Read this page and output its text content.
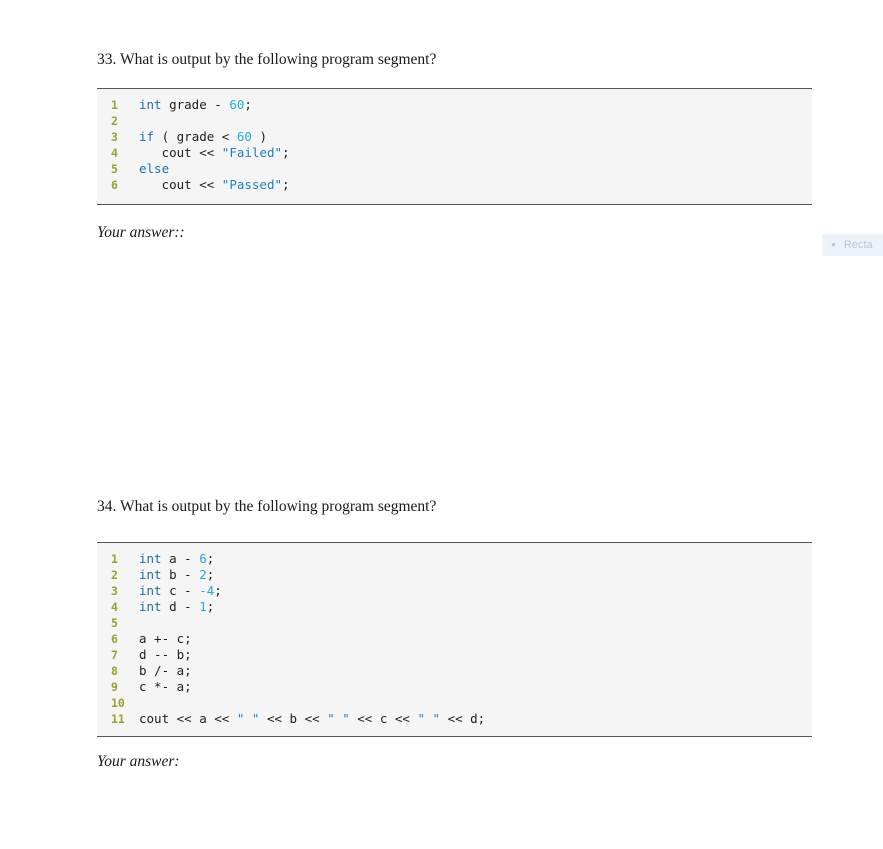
33. What is output by the following program segment?
1	int grade - 60;
2
3	if ( grade < 60 )
4	cout << "Failed";
5	else
6	cout << "Passed";
Your answer::
34. What is output by the following program segment?
1	int a - 6;
2	int b - 2;
3	int c - -4;
4	int d - 1;
5
6	a +- c;
7	d -- b;
8	b /- a;
9	c *- a;
10
11 cout << a << " " << b << " " << c << " " << d;
Your answer:
● Recta
